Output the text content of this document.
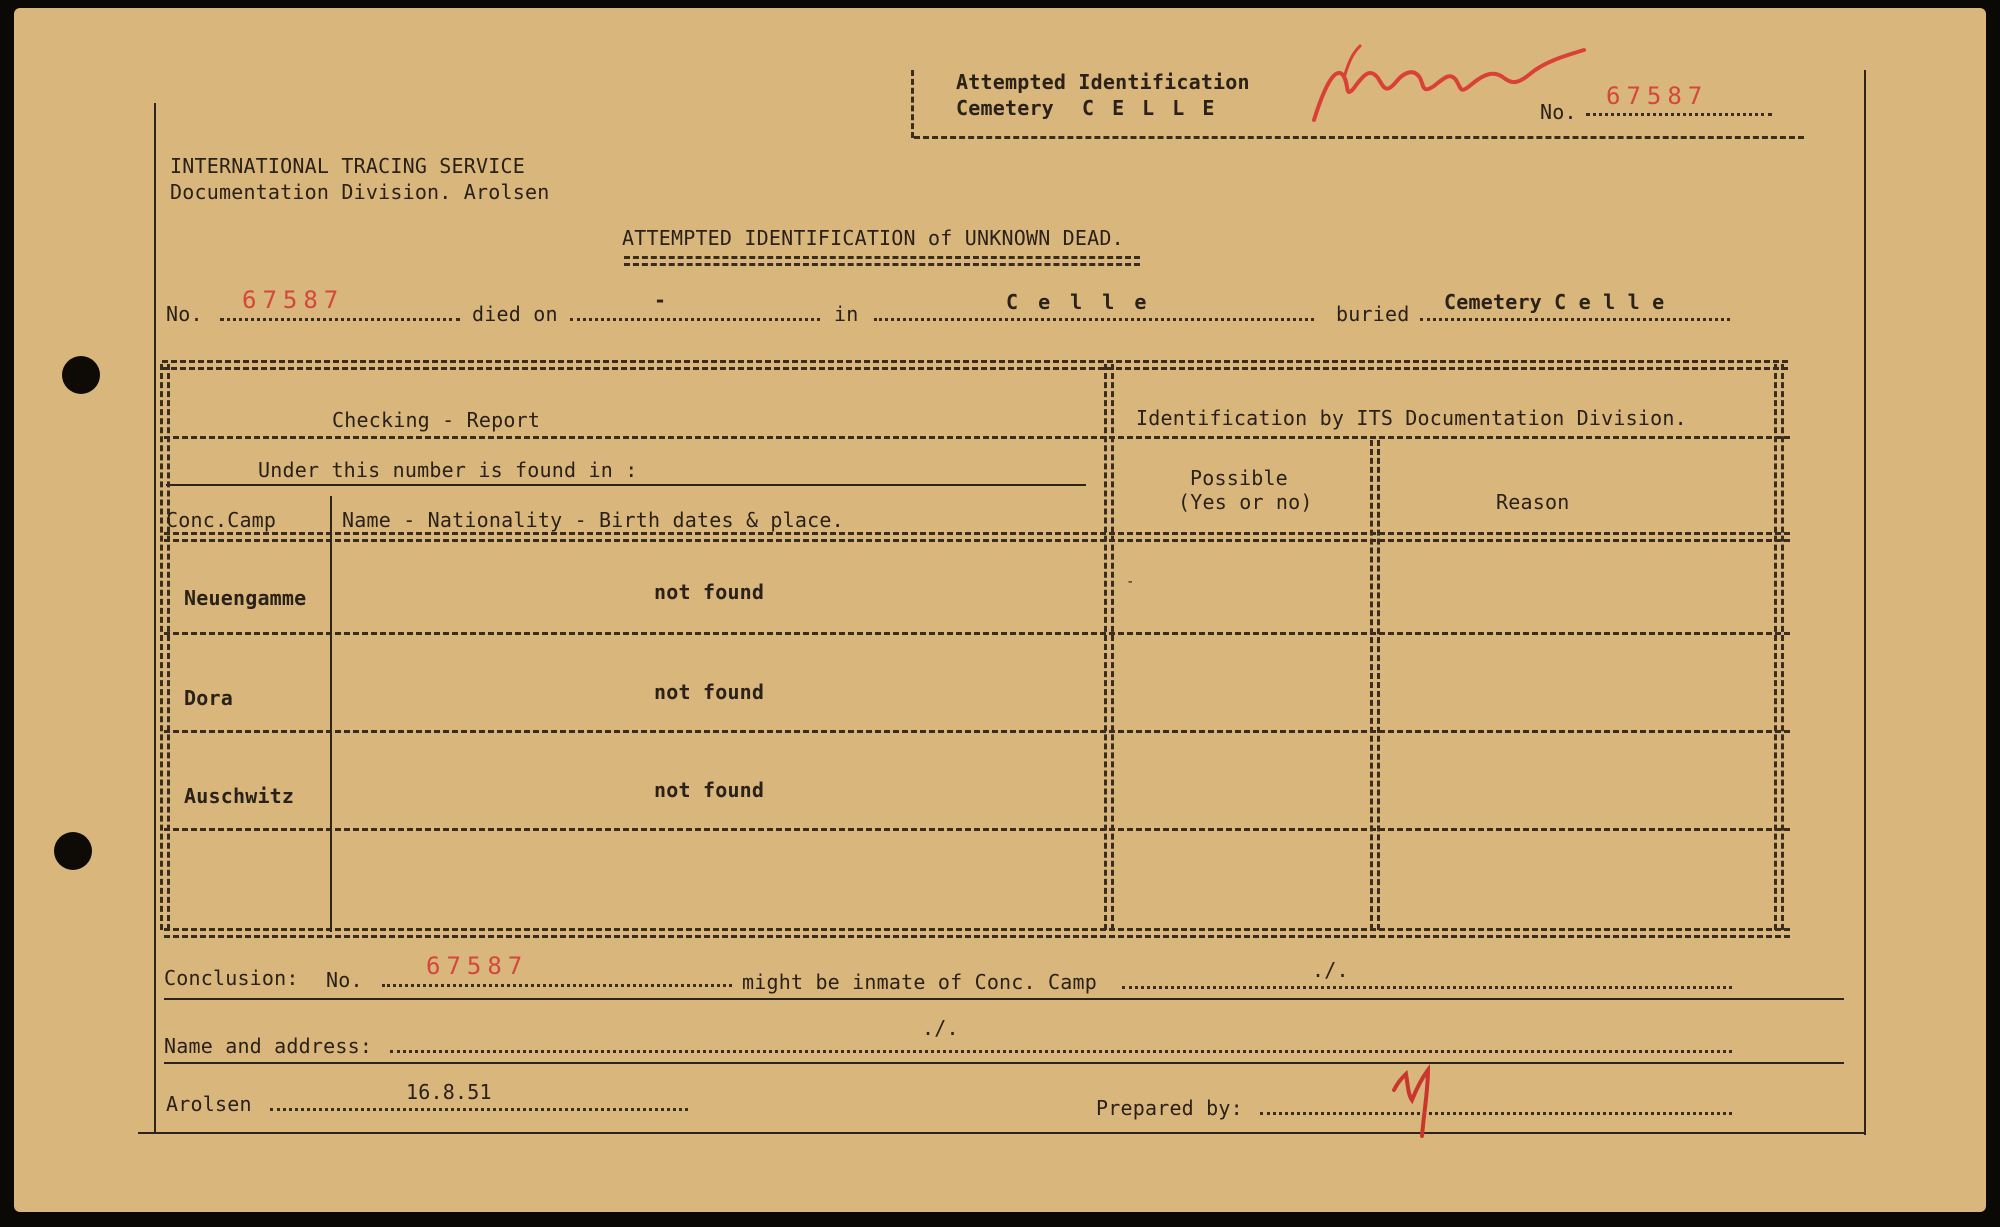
Attempted Identification
Cemetery C E L L E	No.
67587
INTERNATIONAL TRACING SERVICE
Documentation Division. Arolsen
ATTEMPTED IDENTIFICATION of UNKNOWN DEAD.
No. 67587	died on
-
in	C e l l e	buried Cemetery C e l l e
Checking - Report	Identification by ITS Documentation Division.
Under this number is found in :
Conc.Camp	Name - Nationality - Birth dates & place.
Possible
(Yes or no)	Reason
Neuengamme	not found	-
Dora	not found
Auschwitz	not found
Conclusion: No.	67587
might be inmate of Conc. Camp	./.
Name and address:
./.
Arolsen	16.8.51
Prepared by:
